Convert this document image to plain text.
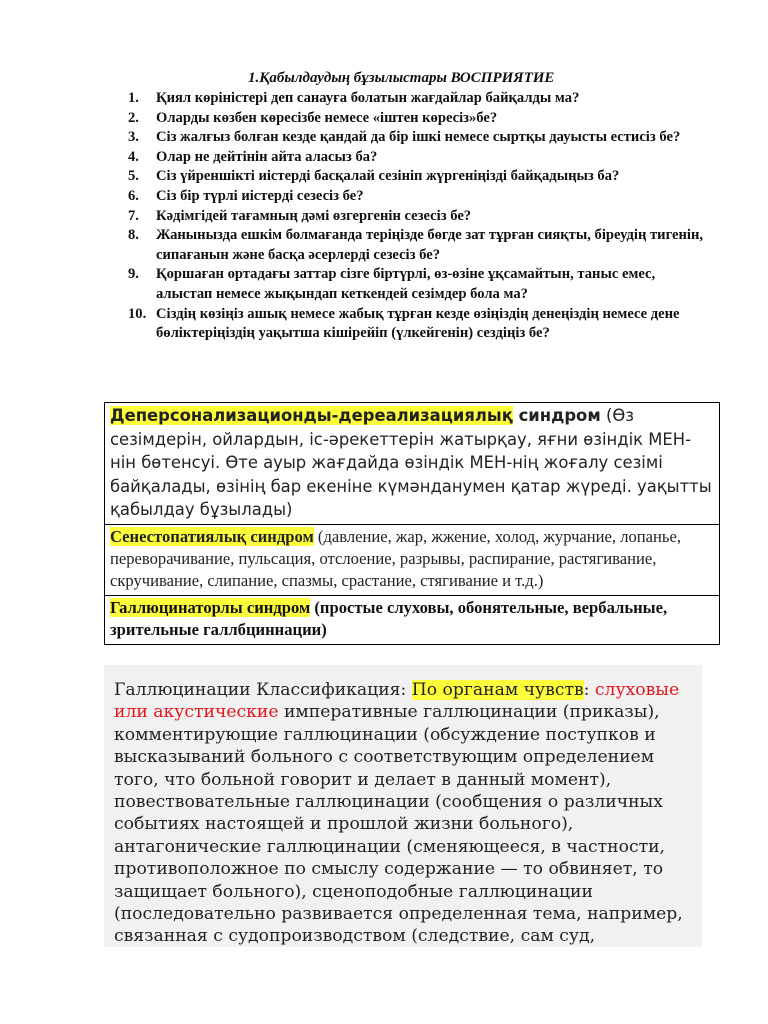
1.Қабылдаудың бұзылыстары ВОСПРИЯТИЕ
1.	Қиял көріністері деп санауға болатын жағдайлар байқалды ма?
2.	Оларды көзбен көресізбе немесе «іштен көресіз»бе?
3.	Сіз жалғыз болған кезде қандай да бір ішкі немесе сыртқы дауысты естисіз бе?
4.	Олар не дейтінін айта аласыз ба?
5.	Сіз үйреншікті иістерді басқалай сезініп жүргеніңізді байқадыңыз ба?
6.	Сіз бір түрлі иістерді сезесіз бе?
7.	Кәдімгідей тағамның дәмі өзгергенін сезесіз бе?
8.	Жанынызда ешкім болмағанда теріңізде бөгде зат тұрған сияқты, біреудің тигенін, сипағанын және басқа әсерлерді сезесіз бе?
9.	Қоршаған ортадағы заттар сізге біртүрлі, өз-өзіне ұқсамайтын, таныс емес, алыстап немесе жықындап кеткендей сезімдер бола ма?
10. Сіздің көзіңіз ашық немесе жабық тұрған кезде өзіңіздің денеңіздің немесе дене бөліктеріңіздің уақытша кішірейіп (үлкейгенін) сездіңіз бе?
Деперсонализационды-дереализациялық синдром (Өз сезімдерін, ойлардын, іс-әрекеттерін жатырқау, яғни өзіндік МЕН-нін бөтенсуі. Өте ауыр жағдайда өзіндік МЕН-нің жоғалу сезімі байқалады, өзінің бар екеніне күмәнданумен қатар жүреді. уақытты қабылдау бұзылады)
Сенестопатиялық синдром (давление, жар, жжение, холод, журчание, лопанье, переворачивание, пульсация, отслоение, разрывы, распирание, растягивание, скручивание, слипание, спазмы, срастание, стягивание и т.д.)
Галлюцинаторлы синдром (простые слуховы, обонятельные, вербальные, зрительные галлбциннации)
Галлюцинации Классификация: По органам чувств: слуховые или акустические императивные галлюцинации (приказы), комментирующие галлюцинации (обсуждение поступков и высказываний больного с соответствующим определением того, что больной говорит и делает в данный момент), повествовательные галлюцинации (сообщения о различных событиях настоящей и прошлой жизни больного), антагонические галлюцинации (сменяющееся, в частности, противоположное по смыслу содержание — то обвиняет, то защищает больного), сценоподобные галлюцинации (последовательно развивается определенная тема, например, связанная с судопроизводством (следствие, сам суд,
